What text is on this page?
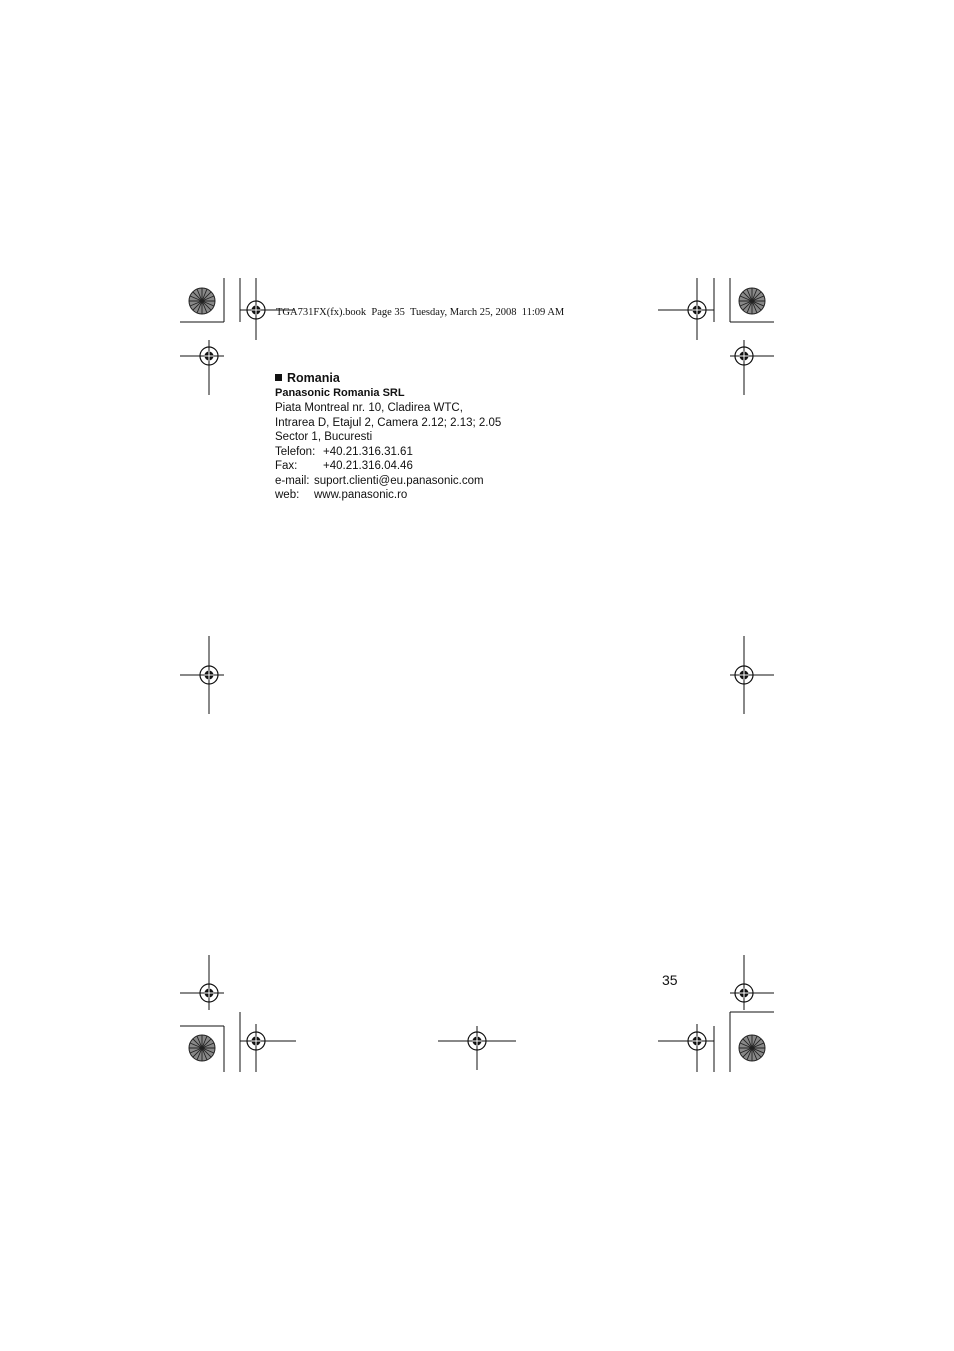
TGA731FX(fx).book  Page 35  Tuesday, March 25, 2008  11:09 AM
Romania
Panasonic Romania SRL
Piata Montreal nr. 10, Cladirea WTC,
Intrarea D, Etajul 2, Camera 2.12; 2.13; 2.05
Sector 1, Bucuresti
Telefon: +40.21.316.31.61
Fax:	+40.21.316.04.46
e-mail: suport.clienti@eu.panasonic.com
web:	www.panasonic.ro
35
